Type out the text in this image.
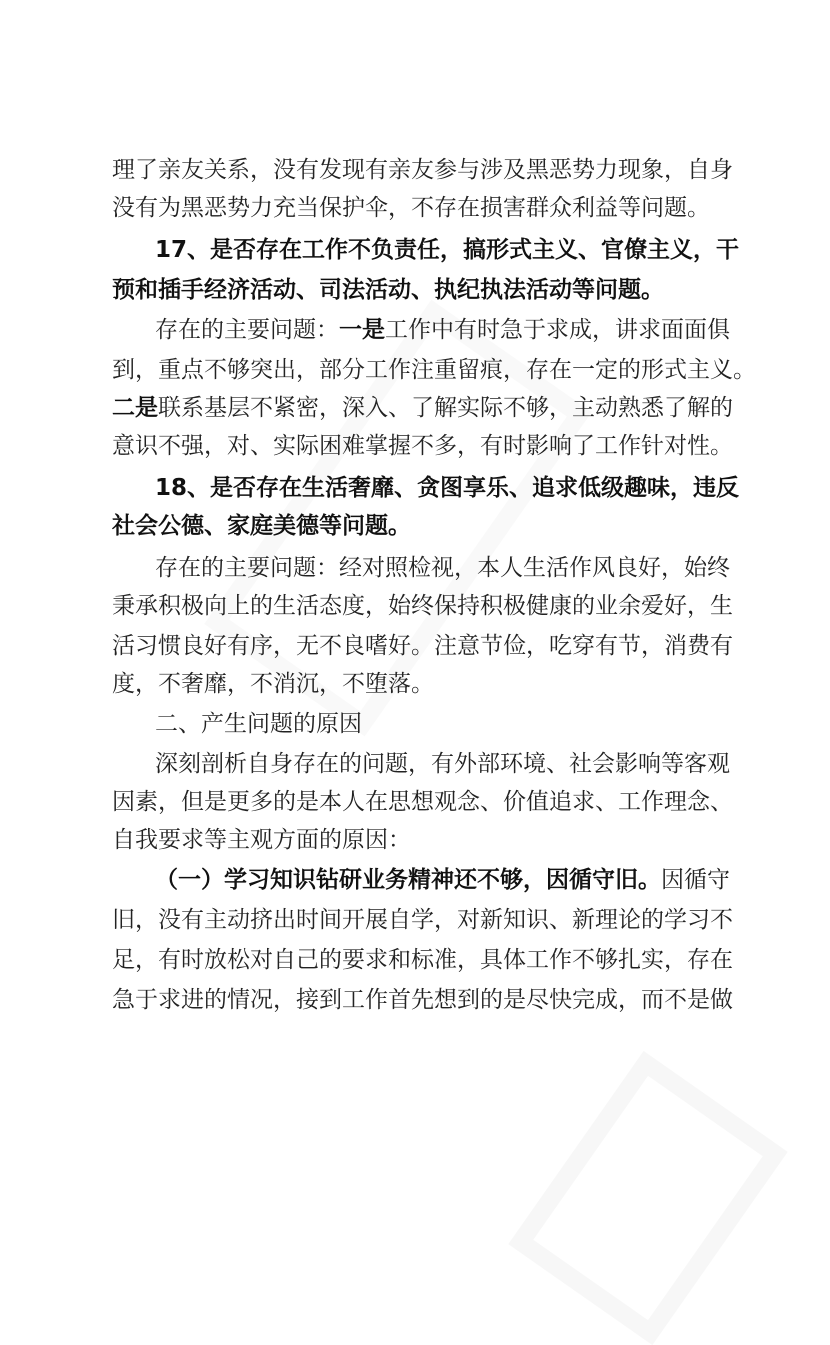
理了亲友关系，没有发现有亲友参与涉及黑恶势力现象，自身
没有为黑恶势力充当保护伞，不存在损害群众利益等问题。
17、是否存在工作不负责任，搞形式主义、官僚主义，干
预和插手经济活动、司法活动、执纪执法活动等问题。
存在的主要问题：一是工作中有时急于求成，讲求面面俱
到，重点不够突出，部分工作注重留痕，存在一定的形式主义。
二是联系基层不紧密，深入、了解实际不够，主动熟悉了解的
意识不强，对、实际困难掌握不多，有时影响了工作针对性。
18、是否存在生活奢靡、贪图享乐、追求低级趣味，违反
社会公德、家庭美德等问题。
存在的主要问题：经对照检视，本人生活作风良好，始终
秉承积极向上的生活态度，始终保持积极健康的业余爱好，生
活习惯良好有序，无不良嗜好。注意节俭，吃穿有节，消费有
度，不奢靡，不消沉，不堕落。
二、产生问题的原因
深刻剖析自身存在的问题，有外部环境、社会影响等客观
因素，但是更多的是本人在思想观念、价值追求、工作理念、
自我要求等主观方面的原因：
（一）学习知识钻研业务精神还不够，因循守旧。因循守
旧，没有主动挤出时间开展自学，对新知识、新理论的学习不
足，有时放松对自己的要求和标准，具体工作不够扎实，存在
急于求进的情况，接到工作首先想到的是尽快完成，而不是做
